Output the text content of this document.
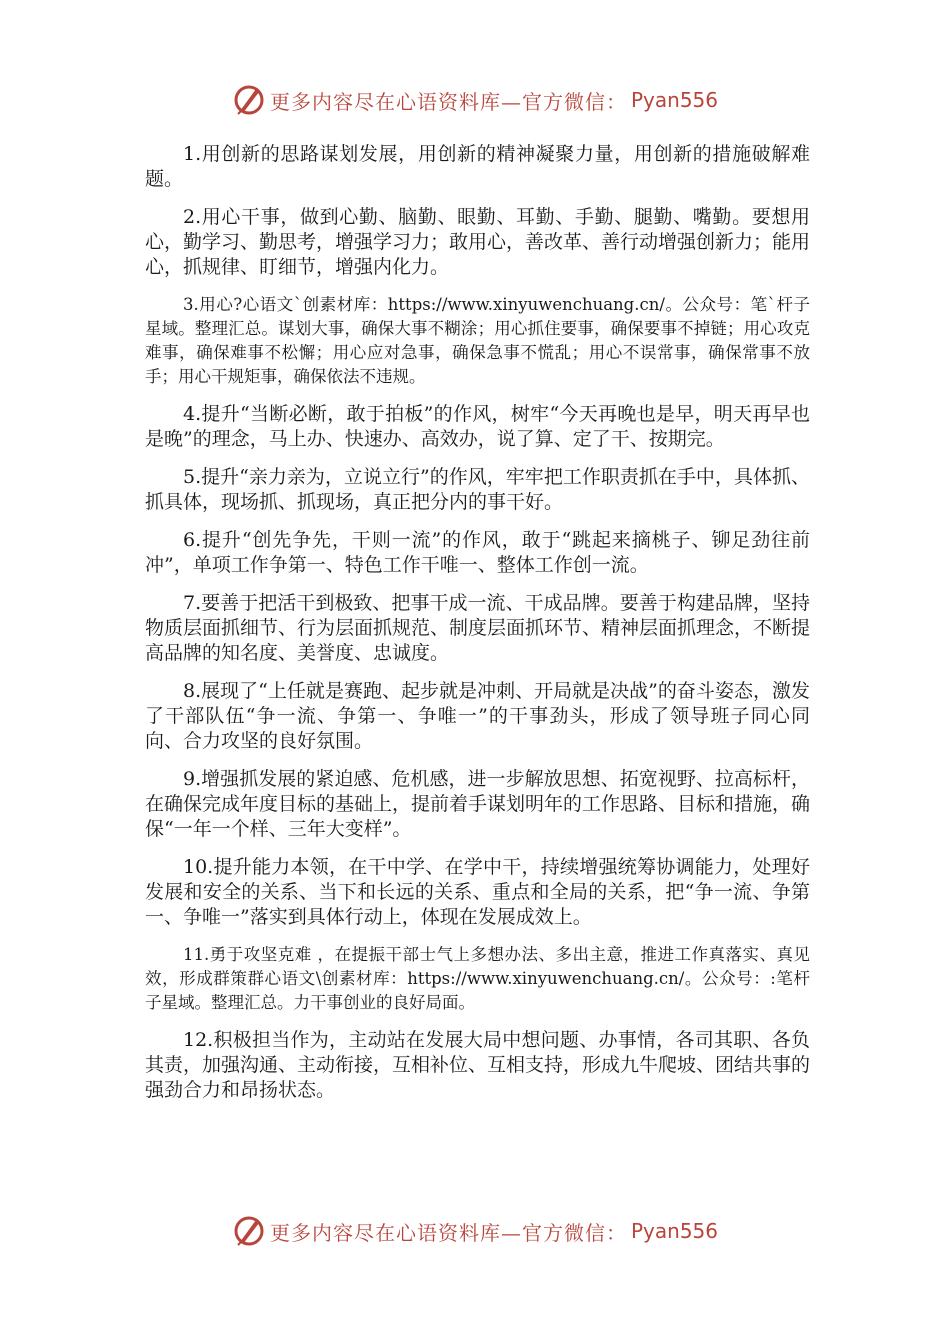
更多内容尽在心语资料库—官方微信： Pyan556

1.用创新的思路谋划发展，用创新的精神凝聚力量，用创新的措施破解难题。

2.用心干事，做到心勤、脑勤、眼勤、耳勤、手勤、腿勤、嘴勤。要想用心，勤学习、勤思考，增强学习力；敢用心，善改革、善行动增强创新力；能用心，抓规律、盯细节，增强内化力。

3.用心?心语文`创素材库：https://www.xinyuwenchuang.cn/。公众号：笔`杆子星域。整理汇总。谋划大事，确保大事不糊涂；用心抓住要事，确保要事不掉链；用心攻克难事，确保难事不松懈；用心应对急事，确保急事不慌乱；用心不误常事，确保常事不放手；用心干规矩事，确保依法不违规。

4.提升“当断必断，敢于拍板”的作风，树牢“今天再晚也是早，明天再早也是晚”的理念，马上办、快速办、高效办，说了算、定了干、按期完。

5.提升“亲力亲为，立说立行”的作风，牢牢把工作职责抓在手中，具体抓、抓具体，现场抓、抓现场，真正把分内的事干好。

6.提升“创先争先，干则一流”的作风，敢于“跳起来摘桃子、铆足劲往前冲”，单项工作争第一、特色工作干唯一、整体工作创一流。

7.要善于把活干到极致、把事干成一流、干成品牌。要善于构建品牌，坚持物质层面抓细节、行为层面抓规范、制度层面抓环节、精神层面抓理念，不断提高品牌的知名度、美誉度、忠诚度。

8.展现了“上任就是赛跑、起步就是冲刺、开局就是决战”的奋斗姿态，激发了干部队伍“争一流、争第一、争唯一”的干事劲头，形成了领导班子同心同向、合力攻坚的良好氛围。

9.增强抓发展的紧迫感、危机感，进一步解放思想、拓宽视野、拉高标杆，在确保完成年度目标的基础上，提前着手谋划明年的工作思路、目标和措施，确保“一年一个样、三年大变样”。

10.提升能力本领，在干中学、在学中干，持续增强统筹协调能力，处理好发展和安全的关系、当下和长远的关系、重点和全局的关系，把“争一流、争第一、争唯一”落实到具体行动上，体现在发展成效上。

11.勇于攻坚克难 ，在提振干部士气上多想办法、多出主意，推进工作真落实、真见效，形成群策群心语文\创素材库：https://www.xinyuwenchuang.cn/。公众号：:笔杆子星域。整理汇总。力干事创业的良好局面。

12.积极担当作为，主动站在发展大局中想问题、办事情，各司其职、各负其责，加强沟通、主动衔接，互相补位、互相支持，形成九牛爬坡、团结共事的强劲合力和昂扬状态。

更多内容尽在心语资料库—官方微信： Pyan556
